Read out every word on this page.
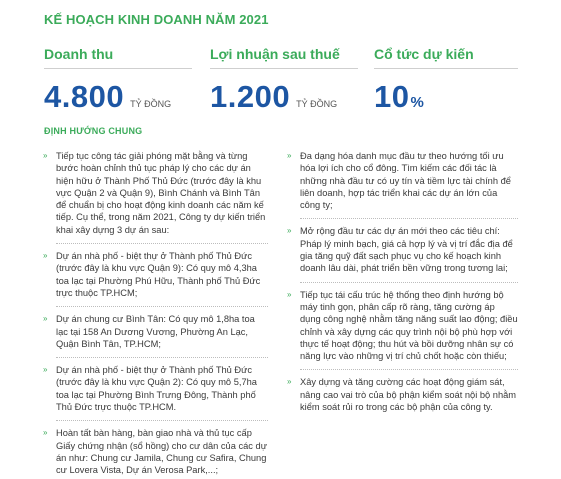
KẾ HOẠCH KINH DOANH NĂM 2021
Doanh thu
4.800 TỶ ĐỒNG
Lợi nhuận sau thuế
1.200 TỶ ĐỒNG
Cổ tức dự kiến
10%
ĐỊNH HƯỚNG CHUNG
» Tiếp tục công tác giải phóng mặt bằng và từng bước hoàn chỉnh thủ tục pháp lý cho các dự án hiện hữu ở Thành Phố Thủ Đức (trước đây là khu vực Quận 2 và Quận 9), Bình Chánh và Bình Tân để chuẩn bị cho hoạt động kinh doanh các năm kế tiếp. Cụ thể, trong năm 2021, Công ty dự kiến triển khai xây dựng 3 dự án sau:
» Dự án nhà phố - biệt thự ở Thành phố Thủ Đức (trước đây là khu vực Quận 9): Có quy mô 4,3ha toa lạc tại Phường Phú Hữu, Thành phố Thủ Đức trực thuộc TP.HCM;
» Dự án chung cư Bình Tân: Có quy mô 1,8ha toa lạc tại 158 An Dương Vương, Phường An Lạc, Quận Bình Tân, TP.HCM;
» Dự án nhà phố - biệt thự ở Thành phố Thủ Đức (trước đây là khu vực Quận 2): Có quy mô 5,7ha toa lạc tại Phường Bình Trưng Đông, Thành phố Thủ Đức trực thuộc TP.HCM.
» Hoàn tất bàn hàng, bàn giao nhà và thủ tục cấp Giấy chứng nhận (sổ hồng) cho cư dân của các dự án như: Chung cư Jamila, Chung cư Safira, Chung cư Lovera Vista, Dự án Verosa Park,...;
» Đa dạng hóa danh mục đầu tư theo hướng tối ưu hóa lợi ích cho cổ đông. Tìm kiếm các đối tác là những nhà đầu tư có uy tín và tiềm lực tài chính để liên doanh, hợp tác triển khai các dự án lớn của công ty;
» Mở rộng đầu tư các dự án mới theo các tiêu chí: Pháp lý minh bạch, giá cả hợp lý và vị trí đắc địa để gia tăng quỹ đất sạch phục vụ cho kế hoạch kinh doanh lâu dài, phát triển bền vững trong tương lai;
» Tiếp tục tái cấu trúc hệ thống theo định hướng bộ máy tinh gọn, phân cấp rõ ràng, tăng cường áp dụng công nghệ nhằm tăng năng suất lao động; điều chỉnh và xây dựng các quy trình nội bộ phù hợp với thực tế hoạt động; thu hút và bồi dưỡng nhân sự có năng lực vào những vị trí chủ chốt hoặc còn thiếu;
» Xây dựng và tăng cường các hoạt động giám sát, nâng cao vai trò của bộ phận kiểm soát nội bộ nhằm kiểm soát rủi ro trong các bộ phận của công ty.
